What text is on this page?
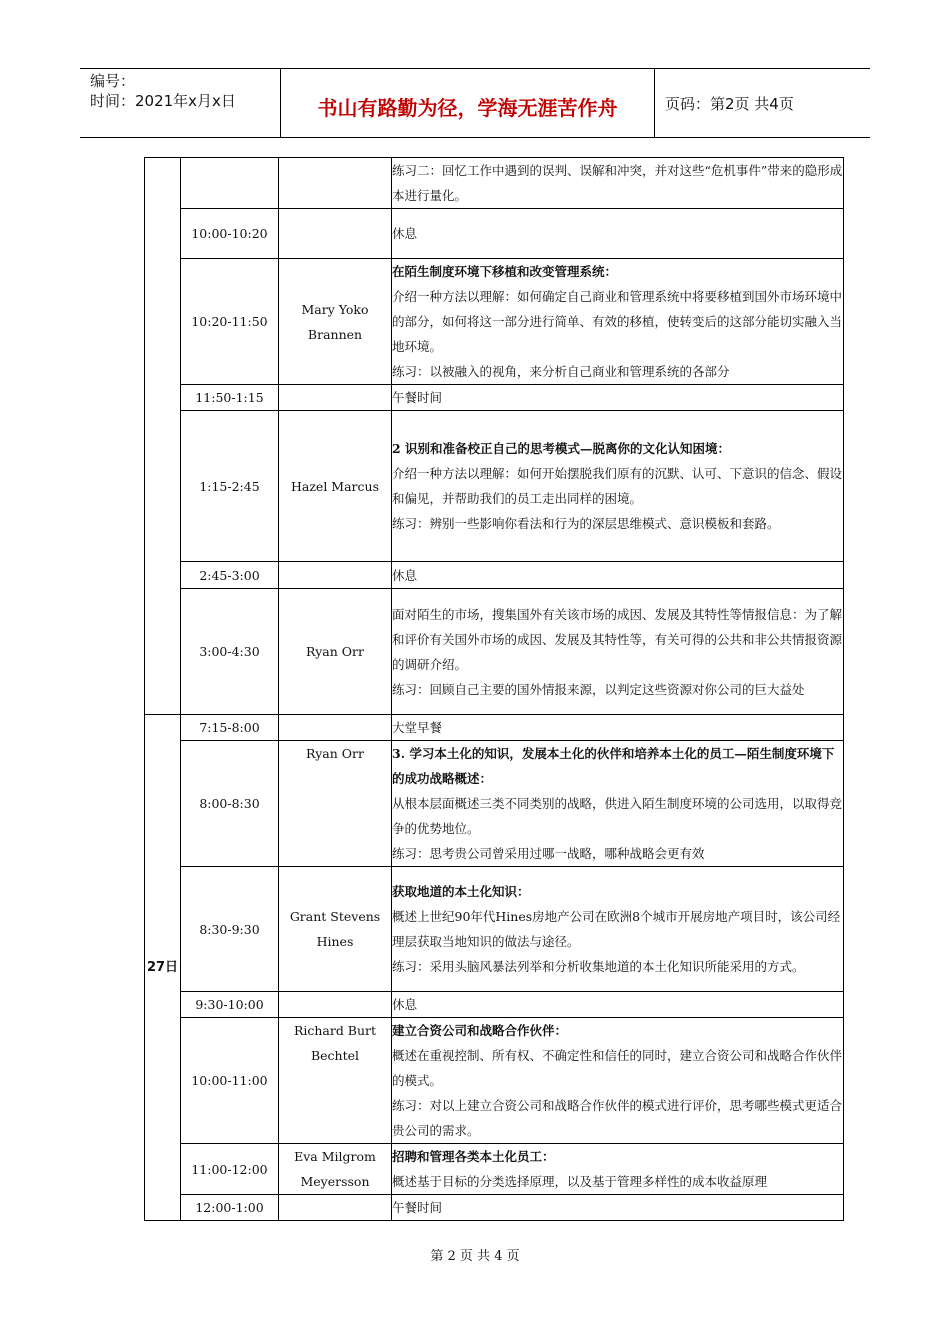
编号：
时间：2021年x月x日	书山有路勤为径，学海无涯苦作舟	页码：第2页 共4页

			练习二：回忆工作中遇到的误判、误解和冲突，并对这些“危机事件”带来的隐形成本进行量化。

	10:00-10:20		休息

	10:20-11:50	Mary Yoko Brannen	在陌生制度环境下移植和改变管理系统：

介绍一种方法以理解：如何确定自己商业和管理系统中将要移植到国外市场环境中的部分，如何将这一部分进行简单、有效的移植，使转变后的这部分能切实融入当地环境。

练习：以被融入的视角，来分析自己商业和管理系统的各部分

	11:50-1:15		午餐时间

	1:15-2:45	Hazel Marcus	2 识别和准备校正自己的思考模式—脱离你的文化认知困境：

介绍一种方法以理解：如何开始摆脱我们原有的沉默、认可、下意识的信念、假设和偏见，并帮助我们的员工走出同样的困境。

练习：辨别一些影响你看法和行为的深层思维模式、意识模板和套路。

	2:45-3:00		休息

	3:00-4:30	Ryan Orr	面对陌生的市场，搜集国外有关该市场的成因、发展及其特性等情报信息：为了解和评价有关国外市场的成因、发展及其特性等，有关可得的公共和非公共情报资源的调研介绍。

练习：回顾自己主要的国外情报来源，以判定这些资源对你公司的巨大益处

27日	7:15-8:00		大堂早餐

	8:00-8:30	Ryan Orr	3. 学习本土化的知识，发展本土化的伙伴和培养本土化的员工—陌生制度环境下的成功战略概述：

从根本层面概述三类不同类别的战略，供进入陌生制度环境的公司选用，以取得竞争的优势地位。

练习：思考贵公司曾采用过哪一战略，哪种战略会更有效

	8:30-9:30	Grant Stevens Hines	获取地道的本土化知识：

概述上世纪90年代Hines房地产公司在欧洲8个城市开展房地产项目时，该公司经理层获取当地知识的做法与途径。

练习：采用头脑风暴法列举和分析收集地道的本土化知识所能采用的方式。

	9:30-10:00		休息

	10:00-11:00	Richard Burt Bechtel	建立合资公司和战略合作伙伴：

概述在重视控制、所有权、不确定性和信任的同时，建立合资公司和战略合作伙伴的模式。

练习：对以上建立合资公司和战略合作伙伴的模式进行评价，思考哪些模式更适合贵公司的需求。

	11:00-12:00	Eva Milgrom Meyersson	招聘和管理各类本土化员工：

概述基于目标的分类选择原理，以及基于管理多样性的成本收益原理

	12:00-1:00		午餐时间

第 2 页 共 4 页
